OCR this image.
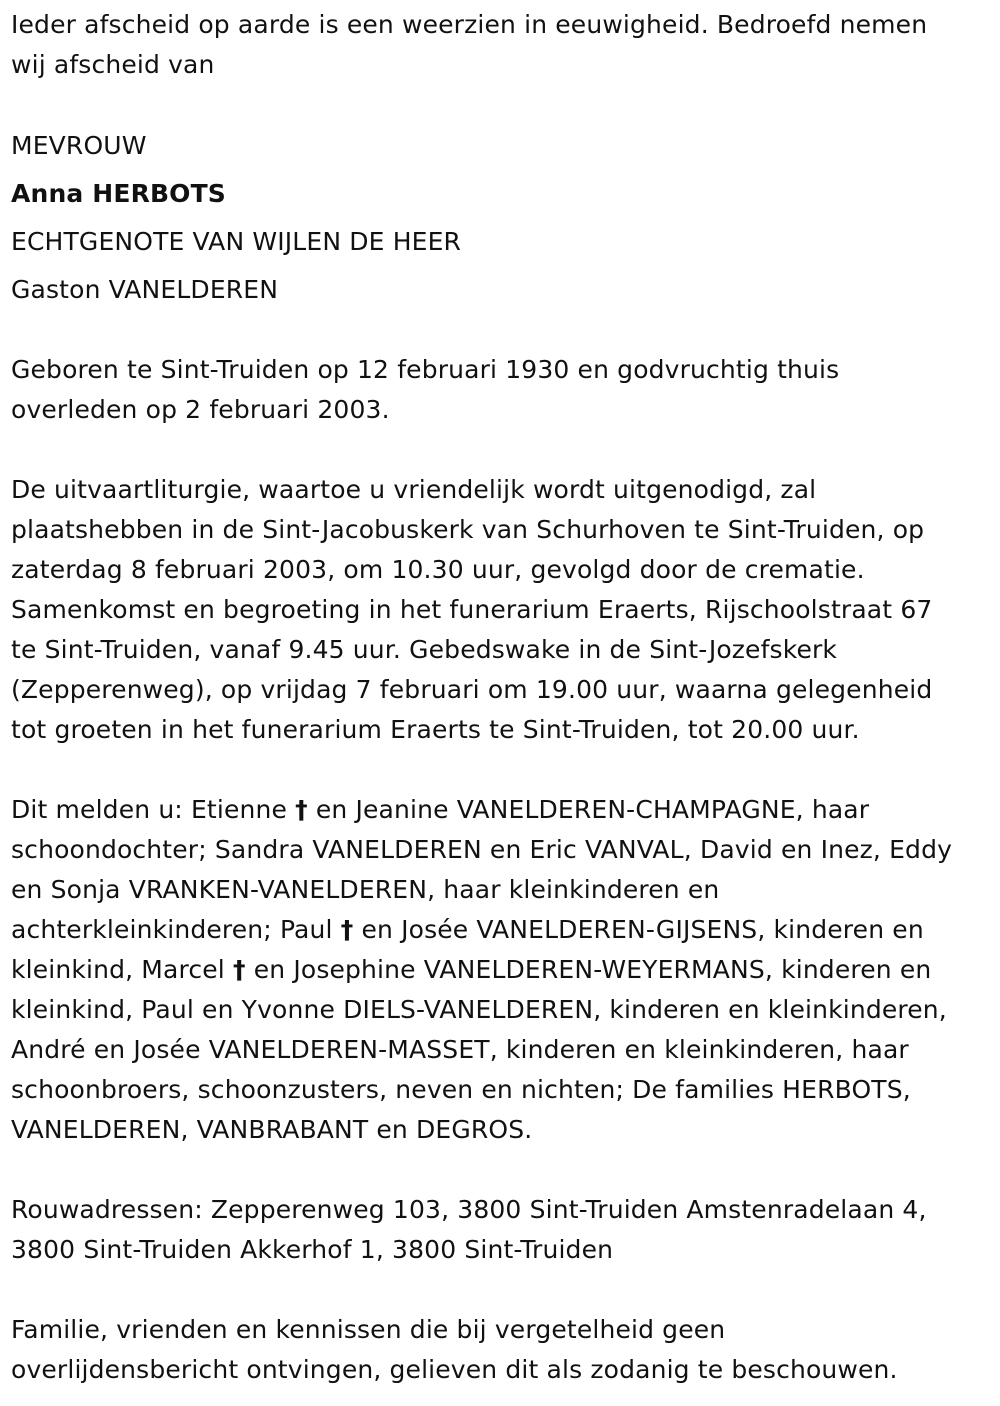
Ieder afscheid op aarde is een weerzien in eeuwigheid. Bedroefd nemen
wij afscheid van
MEVROUW
Anna HERBOTS
ECHTGENOTE VAN WIJLEN DE HEER
Gaston VANELDEREN
Geboren te Sint-Truiden op 12 februari 1930 en godvruchtig thuis
overleden op 2 februari 2003.
De uitvaartliturgie, waartoe u vriendelijk wordt uitgenodigd, zal
plaatshebben in de Sint-Jacobuskerk van Schurhoven te Sint-Truiden, op
zaterdag 8 februari 2003, om 10.30 uur, gevolgd door de crematie.
Samenkomst en begroeting in het funerarium Eraerts, Rijschoolstraat 67
te Sint-Truiden, vanaf 9.45 uur. Gebedswake in de Sint-Jozefskerk
(Zepperenweg), op vrijdag 7 februari om 19.00 uur, waarna gelegenheid
tot groeten in het funerarium Eraerts te Sint-Truiden, tot 20.00 uur.
Dit melden u: Etienne † en Jeanine VANELDEREN-CHAMPAGNE, haar
schoondochter; Sandra VANELDEREN en Eric VANVAL, David en Inez, Eddy
en Sonja VRANKEN-VANELDEREN, haar kleinkinderen en
achterkleinkinderen; Paul † en Josée VANELDEREN-GIJSENS, kinderen en
kleinkind, Marcel † en Josephine VANELDEREN-WEYERMANS, kinderen en
kleinkind, Paul en Yvonne DIELS-VANELDEREN, kinderen en kleinkinderen,
André en Josée VANELDEREN-MASSET, kinderen en kleinkinderen, haar
schoonbroers, schoonzusters, neven en nichten; De families HERBOTS,
VANELDEREN, VANBRABANT en DEGROS.
Rouwadressen: Zepperenweg 103, 3800 Sint-Truiden Amstenradelaan 4,
3800 Sint-Truiden Akkerhof 1, 3800 Sint-Truiden
Familie, vrienden en kennissen die bij vergetelheid geen
overlijdensbericht ontvingen, gelieven dit als zodanig te beschouwen.
